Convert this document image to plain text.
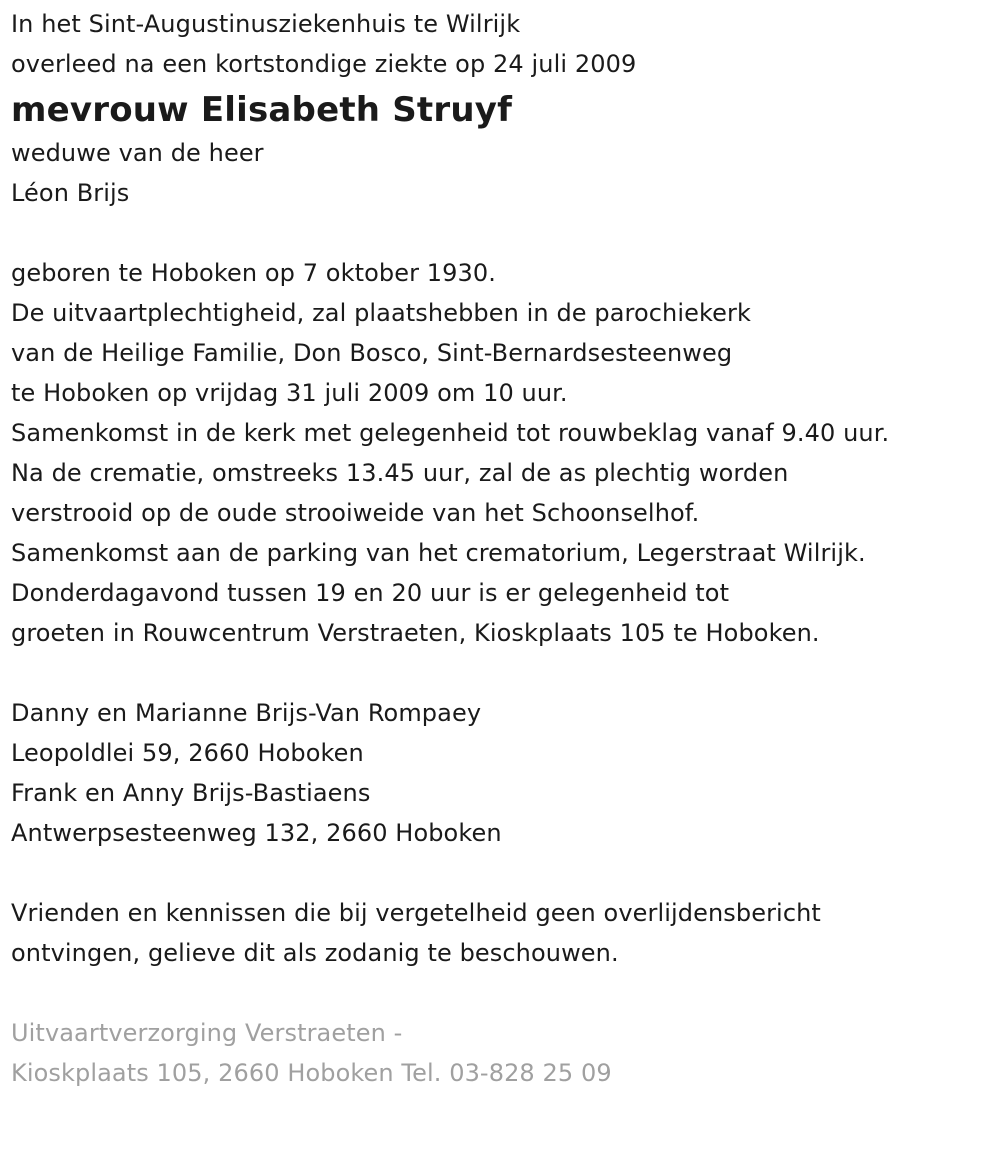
In het Sint-Augustinusziekenhuis te Wilrijk
overleed na een kortstondige ziekte op 24 juli 2009
mevrouw Elisabeth Struyf
weduwe van de heer
Léon Brijs
geboren te Hoboken op 7 oktober 1930.
De uitvaartplechtigheid, zal plaatshebben in de parochiekerk
van de Heilige Familie, Don Bosco, Sint-Bernardsesteenweg
te Hoboken op vrijdag 31 juli 2009 om 10 uur.
Samenkomst in de kerk met gelegenheid tot rouwbeklag vanaf 9.40 uur.
Na de crematie, omstreeks 13.45 uur, zal de as plechtig worden
verstrooid op de oude strooiweide van het Schoonselhof.
Samenkomst aan de parking van het crematorium, Legerstraat Wilrijk.
Donderdagavond tussen 19 en 20 uur is er gelegenheid tot
groeten in Rouwcentrum Verstraeten, Kioskplaats 105 te Hoboken.
Danny en Marianne Brijs-Van Rompaey
Leopoldlei 59, 2660 Hoboken
Frank en Anny Brijs-Bastiaens
Antwerpsesteenweg 132, 2660 Hoboken
Vrienden en kennissen die bij vergetelheid geen overlijdensbericht
ontvingen, gelieve dit als zodanig te beschouwen.
Uitvaartverzorging Verstraeten -
Kioskplaats 105, 2660 Hoboken Tel. 03-828 25 09
